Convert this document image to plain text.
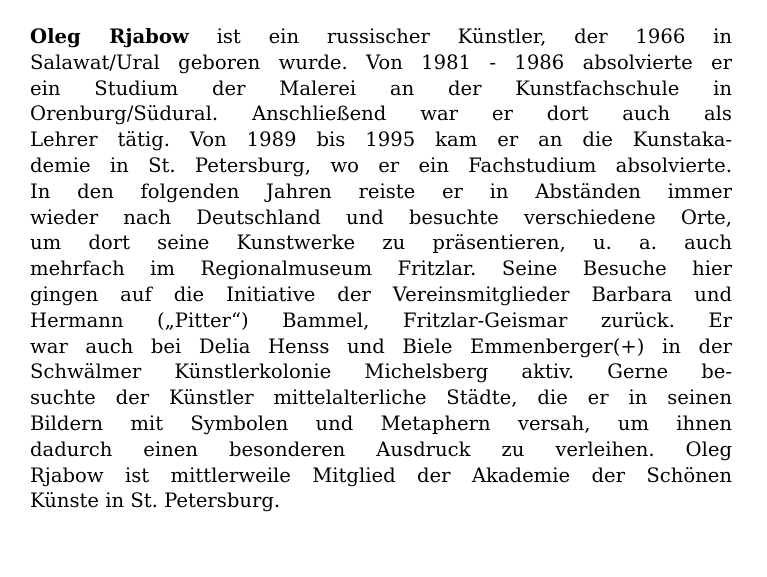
Oleg Rjabow ist ein russischer Künstler, der 1966 in
Salawat/Ural geboren wurde. Von 1981 - 1986 absolvierte er
ein Studium der Malerei an der Kunstfachschule in
Orenburg/Südural. Anschließend war er dort auch als
Lehrer tätig. Von 1989 bis 1995 kam er an die Kunstaka-
demie in St. Petersburg, wo er ein Fachstudium absolvierte.
In den folgenden Jahren reiste er in Abständen immer
wieder nach Deutschland und besuchte verschiedene Orte,
um dort seine Kunstwerke zu präsentieren, u. a. auch
mehrfach im Regionalmuseum Fritzlar. Seine Besuche hier
gingen auf die Initiative der Vereinsmitglieder Barbara und
Hermann („Pitter“) Bammel, Fritzlar-Geismar zurück. Er
war auch bei Delia Henss und Biele Emmenberger(+) in der
Schwälmer Künstlerkolonie Michelsberg aktiv. Gerne be-
suchte der Künstler mittelalterliche Städte, die er in seinen
Bildern mit Symbolen und Metaphern versah, um ihnen
dadurch einen besonderen Ausdruck zu verleihen. Oleg
Rjabow ist mittlerweile Mitglied der Akademie der Schönen
Künste in St. Petersburg.
